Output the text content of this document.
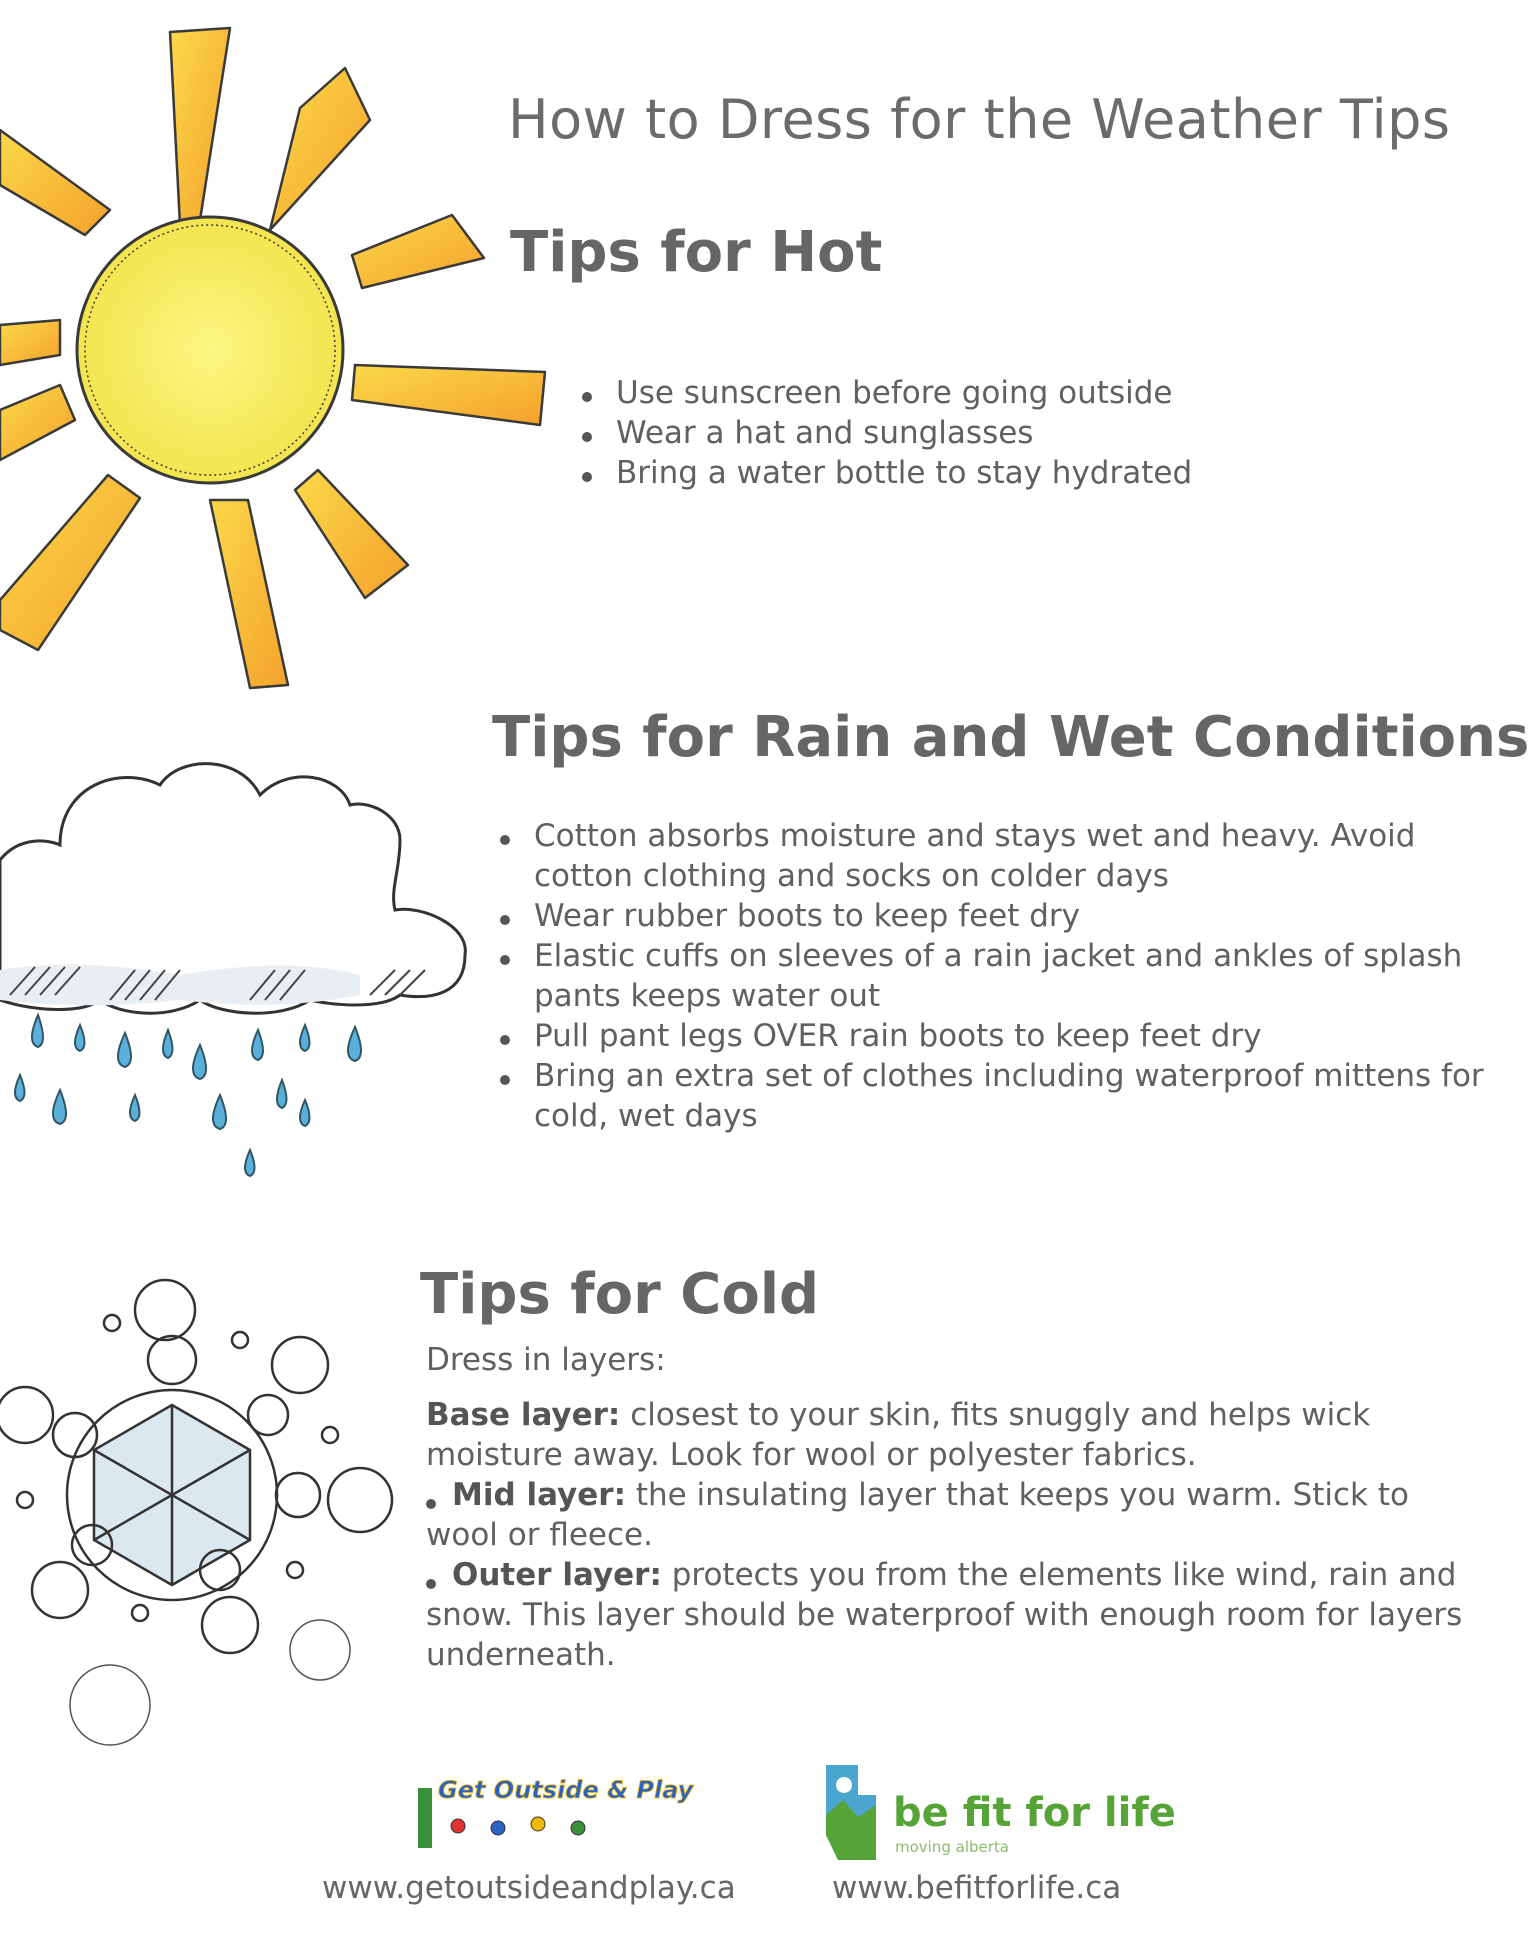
How to Dress for the Weather Tips
Tips for Hot
Use sunscreen before going outside
Wear a hat and sunglasses
Bring a water bottle to stay hydrated
Tips for Rain and Wet Conditions
Cotton absorbs moisture and stays wet and heavy. Avoid cotton clothing and socks on colder days
Wear rubber boots to keep feet dry
Elastic cuffs on sleeves of a rain jacket and ankles of splash pants keeps water out
Pull pant legs OVER rain boots to keep feet dry
Bring an extra set of clothes including waterproof mittens for cold, wet days
Tips for Cold
Dress in layers:
Base layer: closest to your skin, fits snuggly and helps wick moisture away. Look for wool or polyester fabrics.
Mid layer: the insulating layer that keeps you warm. Stick to wool or fleece.
Outer layer: protects you from the elements like wind, rain and snow. This layer should be waterproof with enough room for layers underneath.
Get Outside & Play
www.getoutsideandplay.ca
be fit for life
moving alberta
www.befitforlife.ca
